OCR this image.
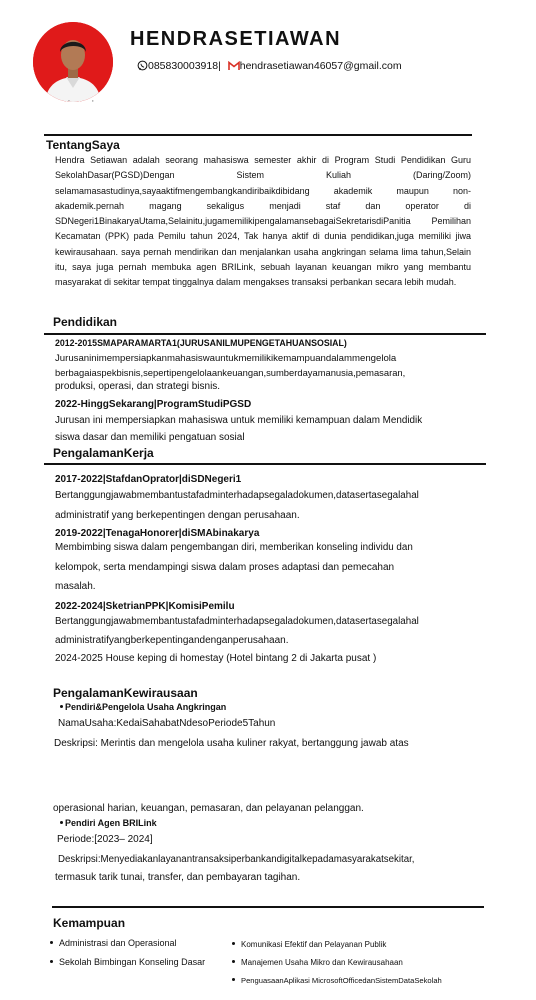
. ,
HENDRASETIAWAN
085830003918| hendrasetiawan46057@gmail.com
TentangSaya
Hendra Setiawan adalah seorang mahasiswa semester akhir di Program Studi Pendidikan Guru SekolahDasar(PGSD)Dengan Sistem Kuliah (Daring/Zoom) selamamasastudinya,sayaaktifmengembangkandiribaikdibidang akademik maupun non-akademik.pernah magang sekaligus menjadi staf dan operator di SDNegeri1BinakaryaUtama,Selainitu,jugamemilikipengalamansebagaiSekretarisdiPanitia Pemilihan Kecamatan (PPK) pada Pemilu tahun 2024, Tak hanya aktif di dunia pendidikan,juga memiliki jiwa kewirausahaan. saya pernah mendirikan dan menjalankan usaha angkringan selama lima tahun,Selain itu, saya juga pernah membuka agen BRILink, sebuah layanan keuangan mikro yang membantu masyarakat di sekitar tempat tinggalnya dalam mengakses transaksi perbankan secara lebih mudah.
Pendidikan
2012-2015SMAPARAMARTA1(JURUSANILMUPENGETAHUANSOSIAL)
Jurusaninimempersiapkanmahasiswauntukmemilikikemampuandalammengelola
berbagaiaspekbisnis,sepertipengelolaankeuangan,sumberdayamanusia,pemasaran,
produksi, operasi, dan strategi bisnis.
2022-HinggSekarang|ProgramStudiPGSD
Jurusan ini mempersiapkan mahasiswa untuk memiliki kemampuan dalam Mendidik
siswa dasar dan memiliki pengatuan sosial
PengalamanKerja
2017-2022|StafdanOprator|diSDNegeri1
Bertanggungjawabmembantustafadminterhadapsegaladokumen,datasertasegalahal
administratif yang berkepentingen dengan perusahaan.
2019-2022|TenagaHonorer|diSMAbinakarya
Membimbing siswa dalam pengembangan diri, memberikan konseling individu dan
kelompok, serta mendampingi siswa dalam proses adaptasi dan pemecahan
masalah.
2022-2024|SketrianPPK|KomisiPemilu
Bertanggungjawabmembantustafadminterhadapsegaladokumen,datasertasegalahal
administratifyangberkepentingandenganperusahaan.
2024-2025 House keping di homestay (Hotel bintang 2 di Jakarta pusat )
PengalamanKewirausaan
Pendiri&Pengelola Usaha Angkringan
NamaUsaha:KedaiSahabatNdesoPeriode5Tahun
Deskripsi: Merintis dan mengelola usaha kuliner rakyat, bertanggung jawab atas
operasional harian, keuangan, pemasaran, dan pelayanan pelanggan.
Pendiri Agen BRILink
Periode:[2023– 2024]
Deskripsi:Menyediakanlayanantransaksiperbankandigitalkepadamasyarakatsekitar,
termasuk tarik tunai, transfer, dan pembayaran tagihan.
Kemampuan
Administrasi dan Operasional
Sekolah Bimbingan Konseling Dasar
Komunikasi Efektif dan Pelayanan Publik
Manajemen Usaha Mikro dan Kewirausahaan
PenguasaanAplikasi MicrosoftOfficedanSistemDataSekolah
